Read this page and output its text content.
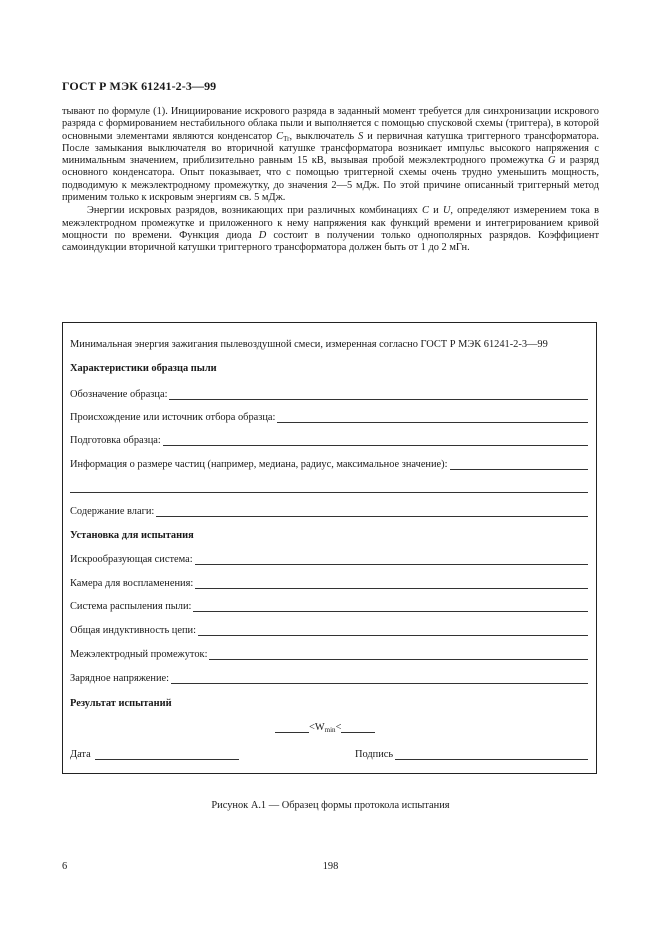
ГОСТ Р МЭК 61241-2-3—99

тывают по формуле (1). Инициирование искрового разряда в заданный момент требуется для синхронизации искрового разряда с формированием нестабильного облака пыли и выполняется с помощью спусковой схемы (триггера), в которой основными элементами являются конденсатор $C_{Tr}$, выключатель S и первичная катушка триггерного трансформатора. После замыкания выключателя во вторичной катушке трансформатора возникает импульс высокого напряжения с минимальным значением, приблизительно равным 15 кВ, вызывая пробой межэлектродного промежутка G и разряд основного конденсатора. Опыт показывает, что с помощью триггерной схемы очень трудно уменьшить мощность, подводимую к межэлектродному промежутку, до значения 2—5 мДж. По этой причине описанный триггерный метод применим только к искровым энергиям св. 5 мДж.

Энергии искровых разрядов, возникающих при различных комбинациях C и U, определяют измерением тока в межэлектродном промежутке и приложенного к нему напряжения как функций времени и интегрированием кривой мощности по времени. Функция диода D состоит в получении только однополярных разрядов. Коэффициент самоиндукции вторичной катушки триггерного трансформатора должен быть от 1 до 2 мГн.

Минимальная энергия зажигания пылевоздушной смеси, измеренная согласно ГОСТ Р МЭК 61241-2-3—99
Характеристики образца пыли
Обозначение образца:
Происхождение или источник отбора образца:
Подготовка образца:
Информация о размере частиц (например, медиана, радиус, максимальное значение):
Содержание влаги:
Установка для испытания
Искрообразующая система:
Камера для воспламенения:
Система распыления пыли:
Общая индуктивность цепи:
Межэлектродный промежуток:
Зарядное напряжение:
Результат испытаний
$<W_{min}<$
Дата	Подпись
Рисунок А.1 — Образец формы протокола испытания
6	198
